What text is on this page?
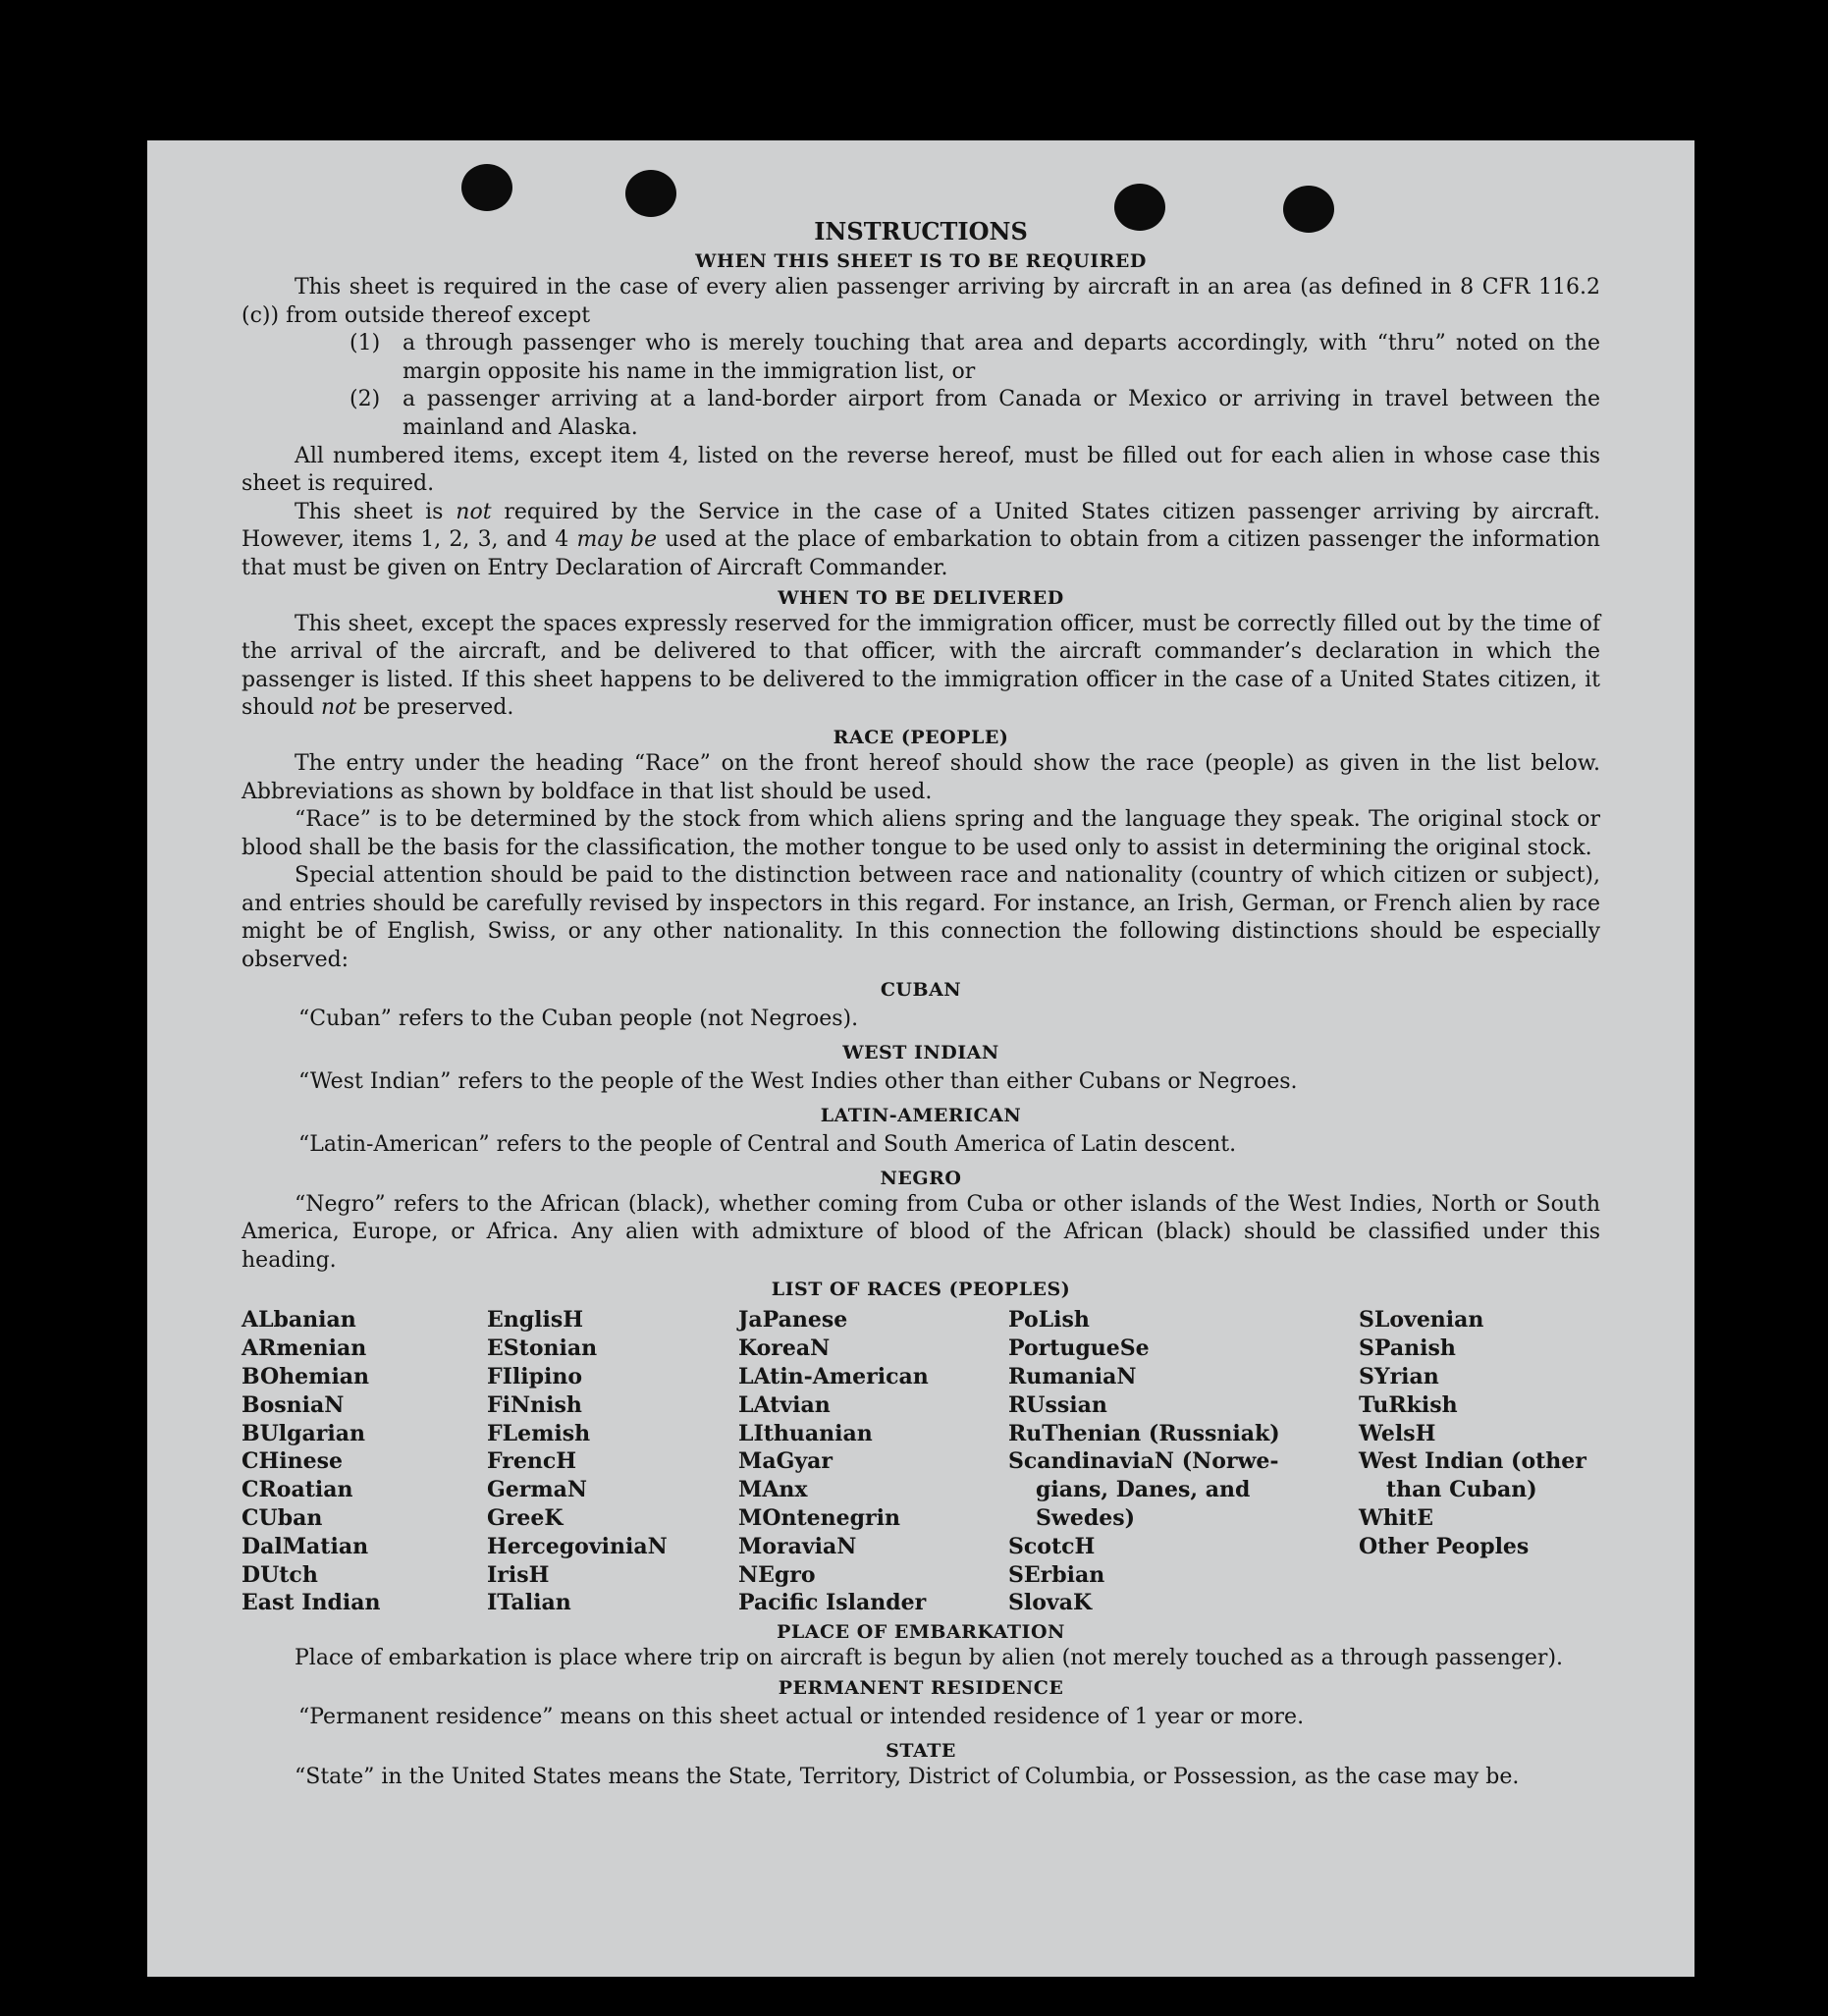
INSTRUCTIONS
WHEN THIS SHEET IS TO BE REQUIRED

This sheet is required in the case of every alien passenger arriving by aircraft in an area (as defined in 8 CFR 116.2 (c)) from outside thereof except

(1)	a through passenger who is merely touching that area and departs accordingly, with “thru” noted on the margin opposite his name in the immigration list, or
(2)	a passenger arriving at a land-border airport from Canada or Mexico or arriving in travel between the mainland and Alaska.

All numbered items, except item 4, listed on the reverse hereof, must be filled out for each alien in whose case this sheet is required.

This sheet is not required by the Service in the case of a United States citizen passenger arriving by aircraft. However, items 1, 2, 3, and 4 may be used at the place of embarkation to obtain from a citizen passenger the information that must be given on Entry Declaration of Aircraft Commander.

WHEN TO BE DELIVERED

This sheet, except the spaces expressly reserved for the immigration officer, must be correctly filled out by the time of the arrival of the aircraft, and be delivered to that officer, with the aircraft commander’s declaration in which the passenger is listed. If this sheet happens to be delivered to the immigration officer in the case of a United States citizen, it should not be preserved.

RACE (PEOPLE)

The entry under the heading “Race” on the front hereof should show the race (people) as given in the list below. Abbreviations as shown by boldface in that list should be used.

“Race” is to be determined by the stock from which aliens spring and the language they speak. The original stock or blood shall be the basis for the classification, the mother tongue to be used only to assist in determining the original stock.

Special attention should be paid to the distinction between race and nationality (country of which citizen or subject), and entries should be carefully revised by inspectors in this regard. For instance, an Irish, German, or French alien by race might be of English, Swiss, or any other nationality. In this connection the following distinctions should be especially observed:

CUBAN
“Cuban” refers to the Cuban people (not Negroes).
WEST INDIAN
“West Indian” refers to the people of the West Indies other than either Cubans or Negroes.
LATIN-AMERICAN
“Latin-American” refers to the people of Central and South America of Latin descent.
NEGRO

“Negro” refers to the African (black), whether coming from Cuba or other islands of the West Indies, North or South America, Europe, or Africa. Any alien with admixture of blood of the African (black) should be classified under this heading.

LIST OF RACES (PEOPLES)
ALbanian
ARmenian
BOhemian
BosniaN
BUlgarian
CHinese
CRoatian
CUban
DalMatian
DUtch
East Indian
EnglisH
EStonian
FIlipino
FiNnish
FLemish
FrencH
GermaN
GreeK
HercegoviniaN
IrisH
ITalian
JaPanese
KoreaN
LAtin-American
LAtvian
LIthuanian
MaGyar
MAnx
MOntenegrin
MoraviaN
NEgro
Pacific Islander
PoLish
PortugueSe
RumaniaN
RUssian
RuThenian (Russniak)
ScandinaviaN (Norwe-
gians, Danes, and
Swedes)
ScotcH
SErbian
SlovaK
SLovenian
SPanish
SYrian
TuRkish
WelsH
West Indian (other
than Cuban)
WhitE
Other Peoples
PLACE OF EMBARKATION

Place of embarkation is place where trip on aircraft is begun by alien (not merely touched as a through passenger).

PERMANENT RESIDENCE
“Permanent residence” means on this sheet actual or intended residence of 1 year or more.
STATE

“State” in the United States means the State, Territory, District of Columbia, or Possession, as the case may be.
